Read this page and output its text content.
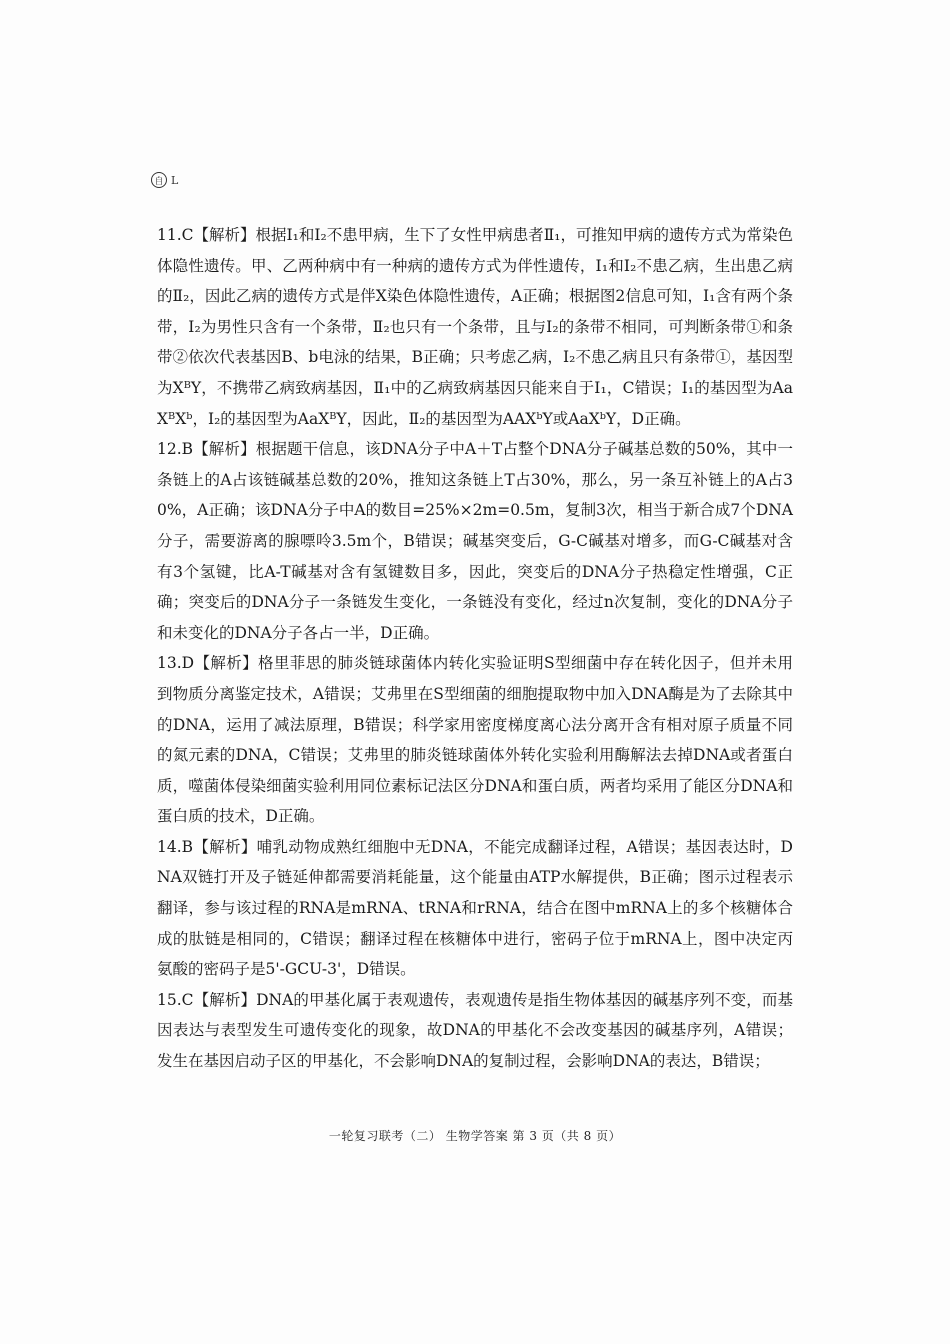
自 L

11.C【解析】根据Ⅰ₁和Ⅰ₂不患甲病，生下了女性甲病患者Ⅱ₁，可推知甲病的遗传方式为常染色体隐性遗传。甲、乙两种病中有一种病的遗传方式为伴性遗传，Ⅰ₁和Ⅰ₂不患乙病，生出患乙病的Ⅱ₂，因此乙病的遗传方式是伴X染色体隐性遗传，A正确；根据图2信息可知，Ⅰ₁含有两个条带，Ⅰ₂为男性只含有一个条带，Ⅱ₂也只有一个条带，且与Ⅰ₂的条带不相同，可判断条带①和条带②依次代表基因B、b电泳的结果，B正确；只考虑乙病，Ⅰ₂不患乙病且只有条带①，基因型为XᴮY，不携带乙病致病基因，Ⅱ₁中的乙病致病基因只能来自于Ⅰ₁，C错误；Ⅰ₁的基因型为AaXᴮXᵇ，Ⅰ₂的基因型为AaXᴮY，因此，Ⅱ₂的基因型为AAXᵇY或AaXᵇY，D正确。

12.B【解析】根据题干信息，该DNA分子中A＋T占整个DNA分子碱基总数的50%，其中一条链上的A占该链碱基总数的20%，推知这条链上T占30%，那么，另一条互补链上的A占30%，A正确；该DNA分子中A的数目=25%×2m=0.5m，复制3次，相当于新合成7个DNA分子，需要游离的腺嘌呤3.5m个，B错误；碱基突变后，G-C碱基对增多，而G-C碱基对含有3个氢键，比A-T碱基对含有氢键数目多，因此，突变后的DNA分子热稳定性增强，C正确；突变后的DNA分子一条链发生变化，一条链没有变化，经过n次复制，变化的DNA分子和未变化的DNA分子各占一半，D正确。

13.D【解析】格里菲思的肺炎链球菌体内转化实验证明S型细菌中存在转化因子，但并未用到物质分离鉴定技术，A错误；艾弗里在S型细菌的细胞提取物中加入DNA酶是为了去除其中的DNA，运用了减法原理，B错误；科学家用密度梯度离心法分离开含有相对原子质量不同的氮元素的DNA，C错误；艾弗里的肺炎链球菌体外转化实验利用酶解法去掉DNA或者蛋白质，噬菌体侵染细菌实验利用同位素标记法区分DNA和蛋白质，两者均采用了能区分DNA和蛋白质的技术，D正确。

14.B【解析】哺乳动物成熟红细胞中无DNA，不能完成翻译过程，A错误；基因表达时，DNA双链打开及子链延伸都需要消耗能量，这个能量由ATP水解提供，B正确；图示过程表示翻译，参与该过程的RNA是mRNA、tRNA和rRNA，结合在图中mRNA上的多个核糖体合成的肽链是相同的，C错误；翻译过程在核糖体中进行，密码子位于mRNA上，图中决定丙氨酸的密码子是5'-GCU-3'，D错误。

15.C【解析】DNA的甲基化属于表观遗传，表观遗传是指生物体基因的碱基序列不变，而基因表达与表型发生可遗传变化的现象，故DNA的甲基化不会改变基因的碱基序列，A错误；发生在基因启动子区的甲基化，不会影响DNA的复制过程，会影响DNA的表达，B错误；

一轮复习联考（二） 生物学答案 第 3 页（共 8 页）
